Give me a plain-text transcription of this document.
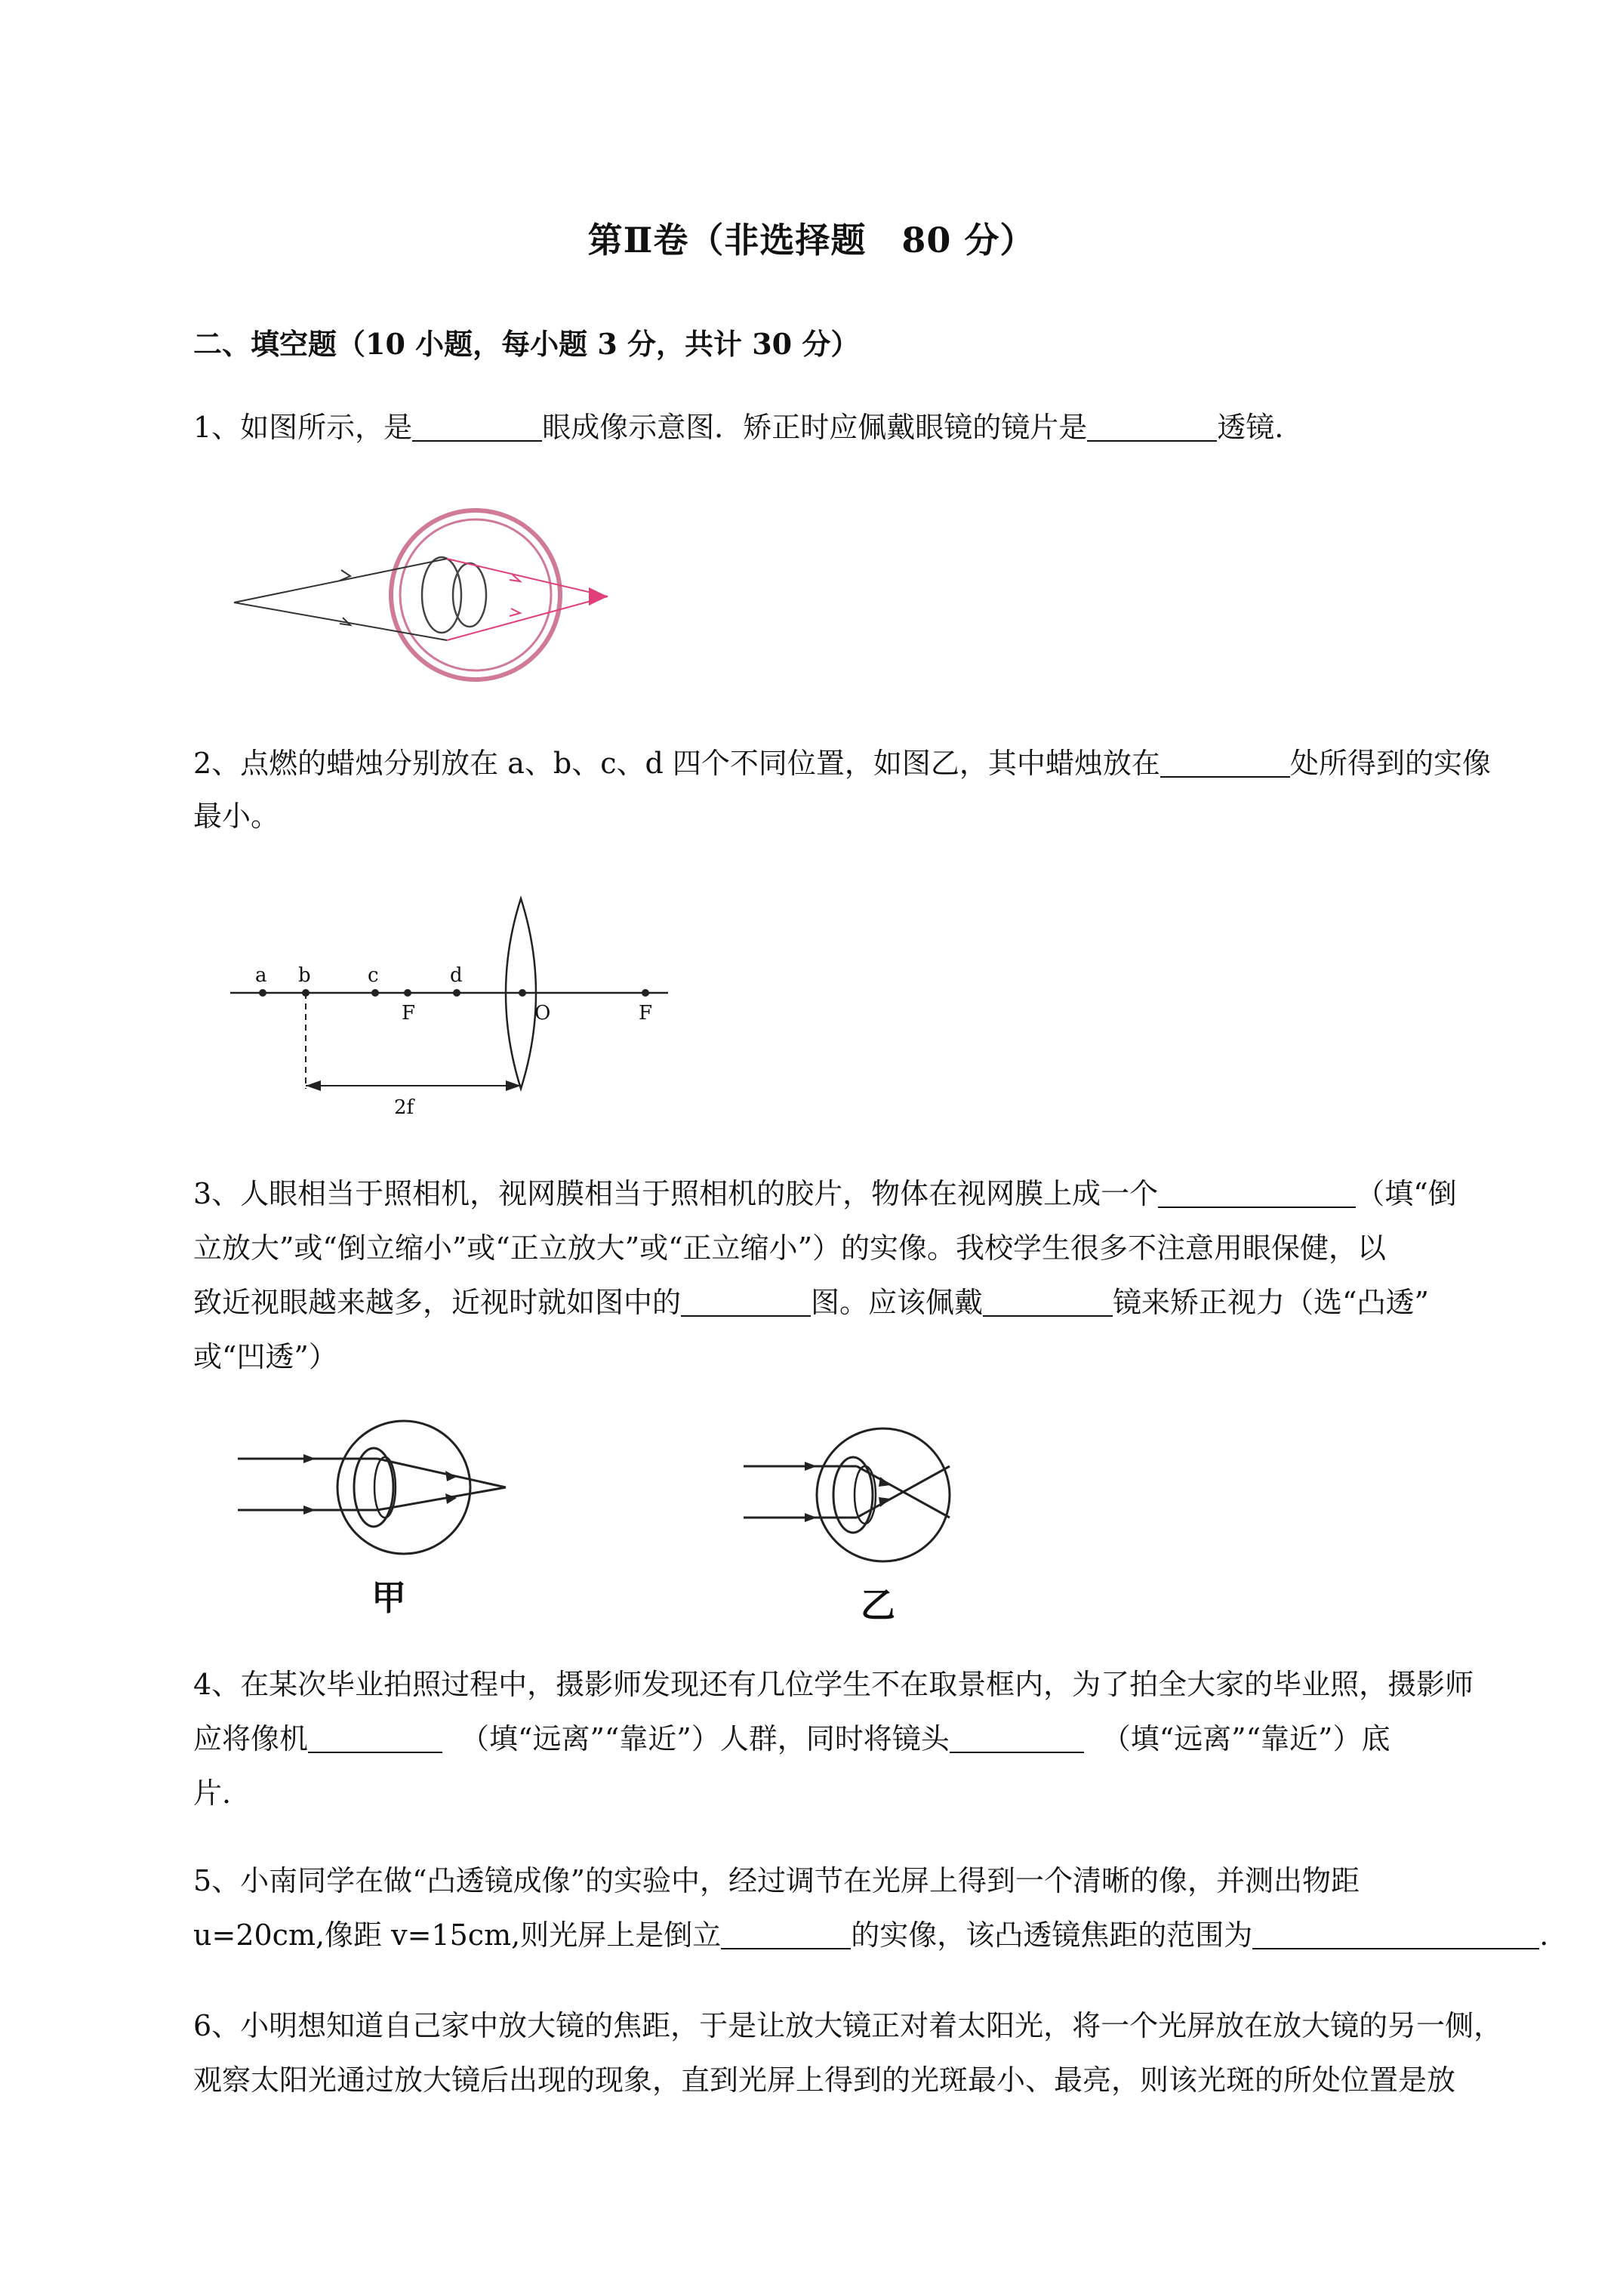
第Ⅱ卷（非选择题　80 分）
二、填空题（10 小题，每小题 3 分，共计 30 分）
1、如图所示，是	眼成像示意图．矫正时应佩戴眼镜的镜片是	透镜.
2、点燃的蜡烛分别放在 a、b、c、d 四个不同位置，如图乙，其中蜡烛放在	处所得到的实像
最小。
a b	c	d
F	O	F
2f
3、人眼相当于照相机，视网膜相当于照相机的胶片，物体在视网膜上成一个	（填“倒
立放大”或“倒立缩小”或“正立放大”或“正立缩小”）的实像。我校学生很多不注意用眼保健，以
致近视眼越来越多，近视时就如图中的	图。应该佩戴	镜来矫正视力（选“凸透”
或“凹透”）
甲	乙
4、在某次毕业拍照过程中，摄影师发现还有几位学生不在取景框内，为了拍全大家的毕业照，摄影师
应将像机	（填“远离”“靠近”）人群，同时将镜头	（填“远离”“靠近”）底
片.
5、小南同学在做“凸透镜成像”的实验中，经过调节在光屏上得到一个清晰的像，并测出物距
u=20cm,像距 v=15cm,则光屏上是倒立	的实像，该凸透镜焦距的范围为	.
6、小明想知道自己家中放大镜的焦距，于是让放大镜正对着太阳光，将一个光屏放在放大镜的另一侧，
观察太阳光通过放大镜后出现的现象，直到光屏上得到的光斑最小、最亮，则该光斑的所处位置是放
